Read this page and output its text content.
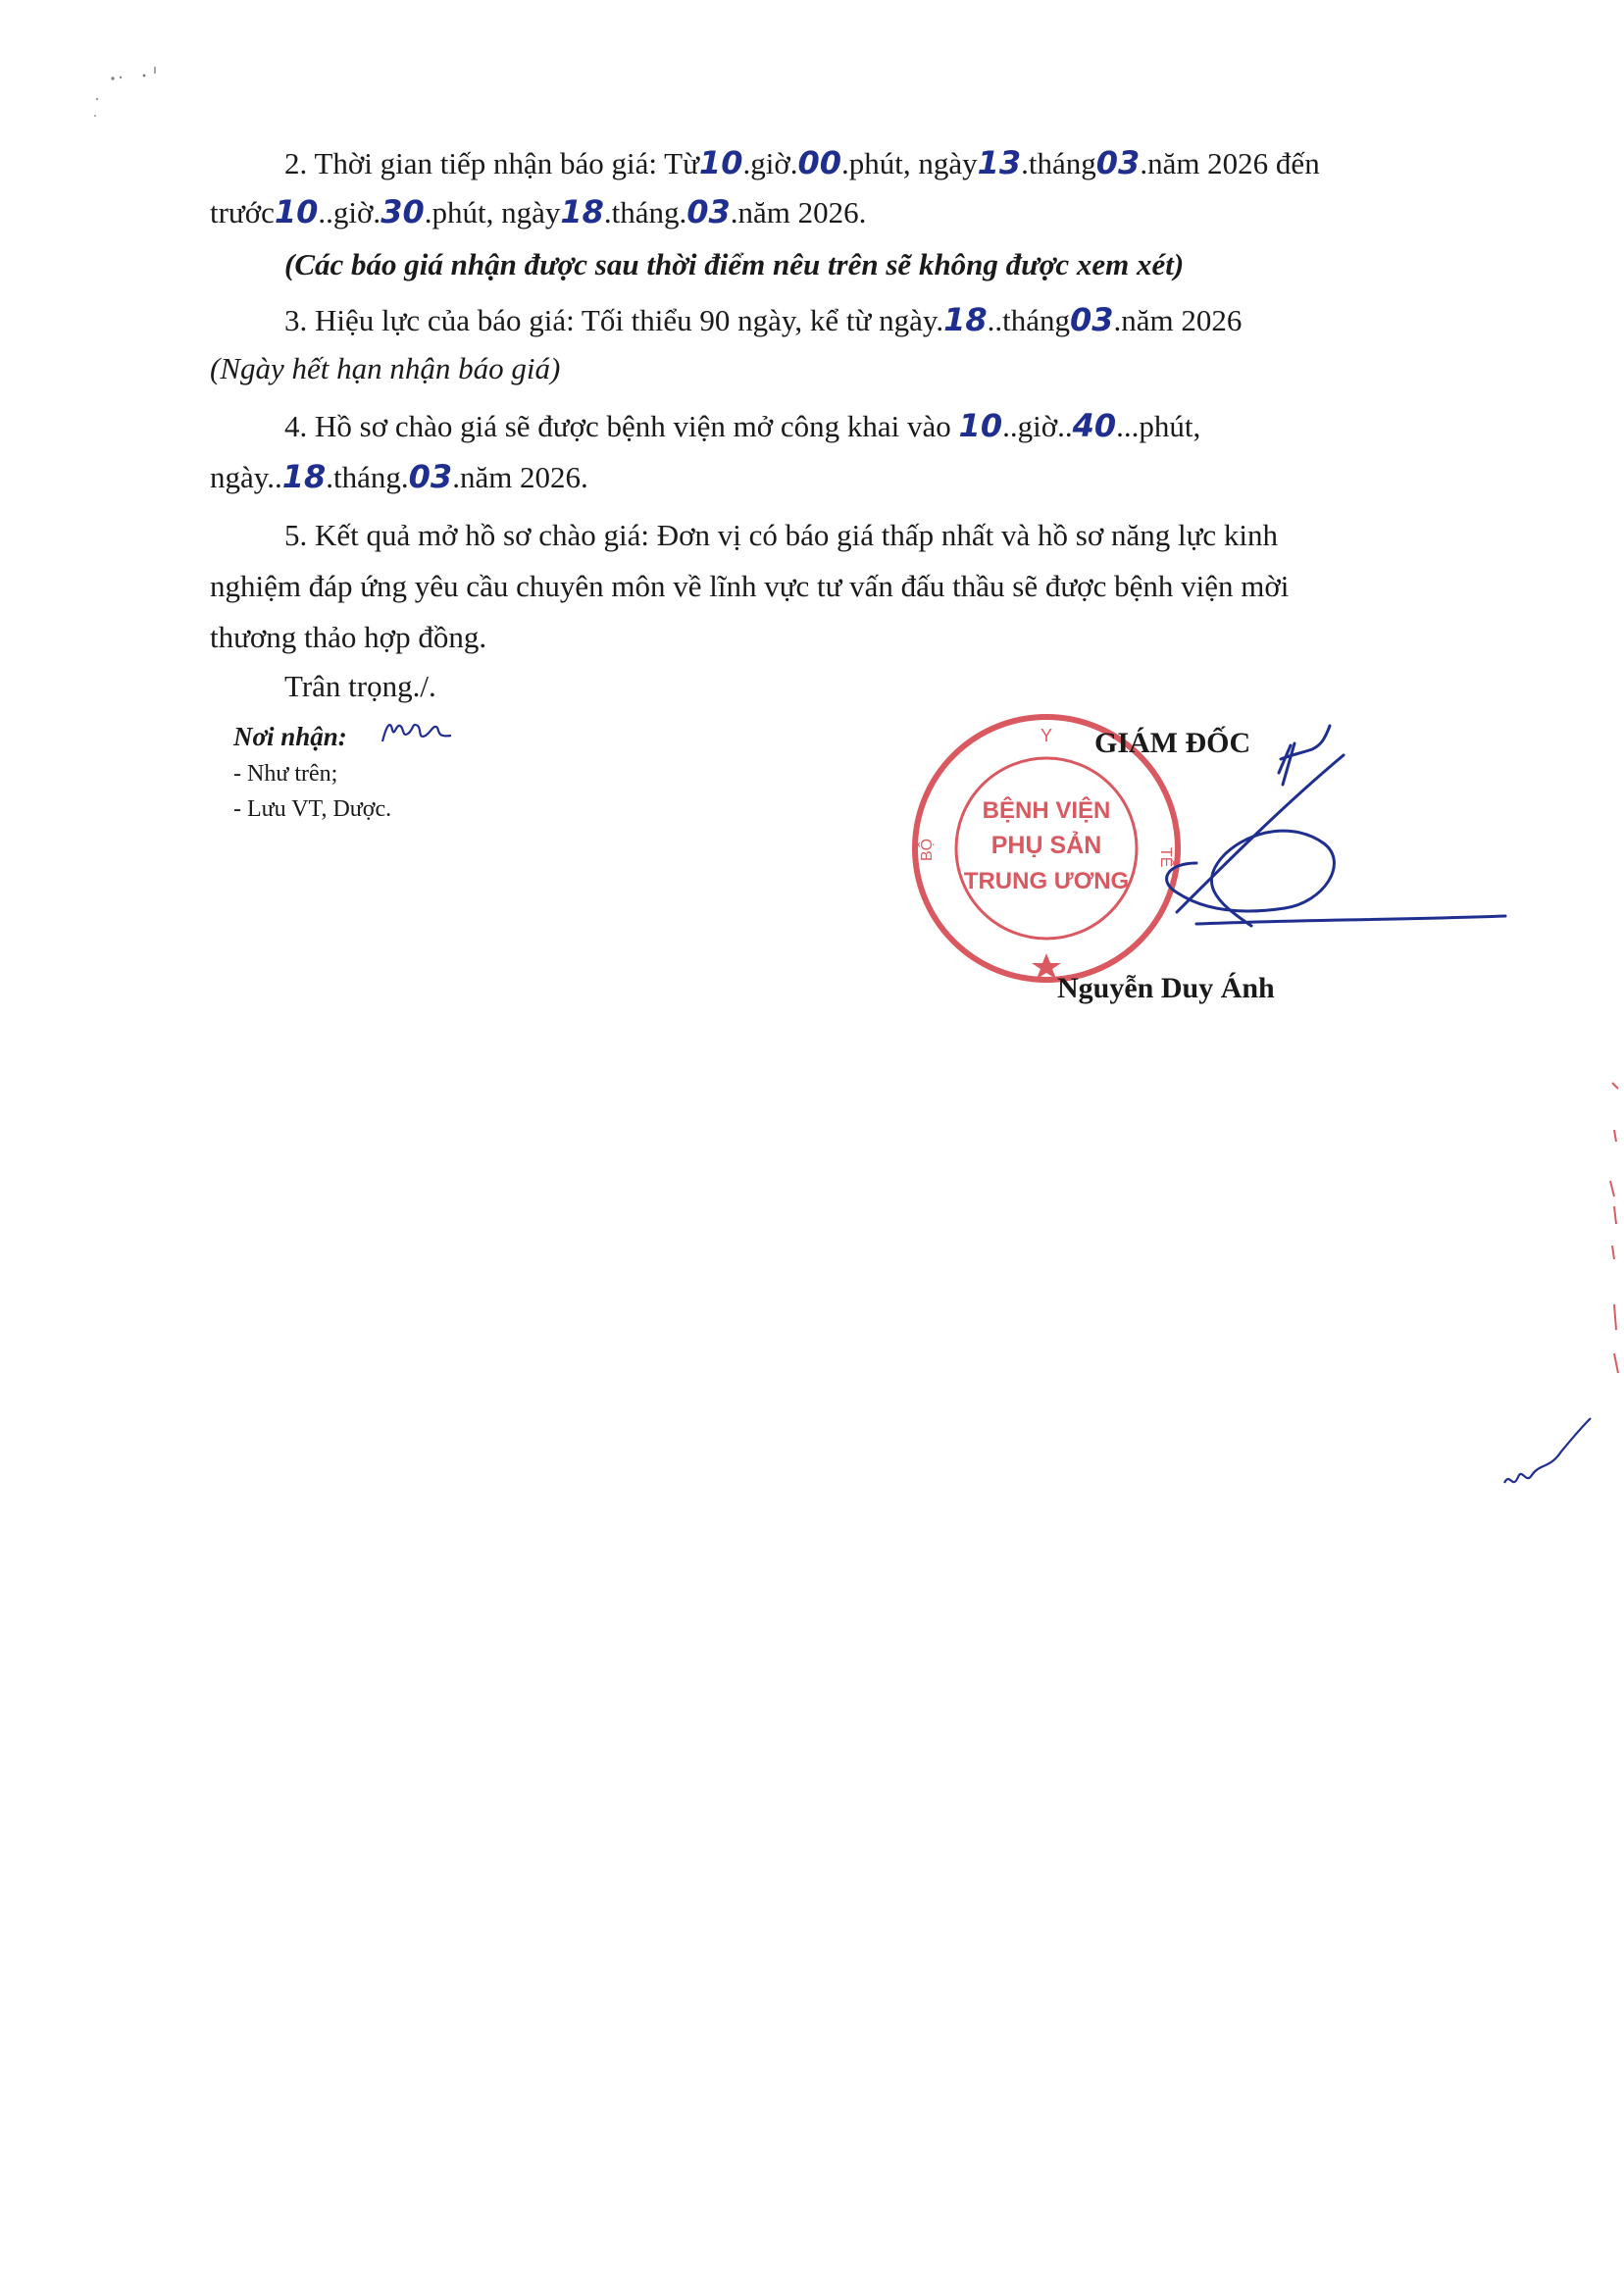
2. Thời gian tiếp nhận báo giá: Từ10.giờ.00.phút, ngày13.tháng03.năm 2026 đến
trước10..giờ.30.phút, ngày18.tháng.03.năm 2026.
(Các báo giá nhận được sau thời điểm nêu trên sẽ không được xem xét)
3. Hiệu lực của báo giá: Tối thiểu 90 ngày, kể từ ngày.18..tháng03.năm 2026
(Ngày hết hạn nhận báo giá)
4. Hồ sơ chào giá sẽ được bệnh viện mở công khai vào 10..giờ..40...phút,
ngày..18.tháng.03.năm 2026.
5. Kết quả mở hồ sơ chào giá: Đơn vị có báo giá thấp nhất và hồ sơ năng lực kinh
nghiệm đáp ứng yêu cầu chuyên môn về lĩnh vực tư vấn đấu thầu sẽ được bệnh viện mời
thương thảo hợp đồng.
Trân trọng./.
Nơi nhận:
- Như trên;
- Lưu VT, Dược.
Y
BỘ	TẾ
BỆNH VIỆN
PHỤ SẢN
TRUNG ƯƠNG
GIÁM ĐỐC
Nguyễn Duy Ánh
